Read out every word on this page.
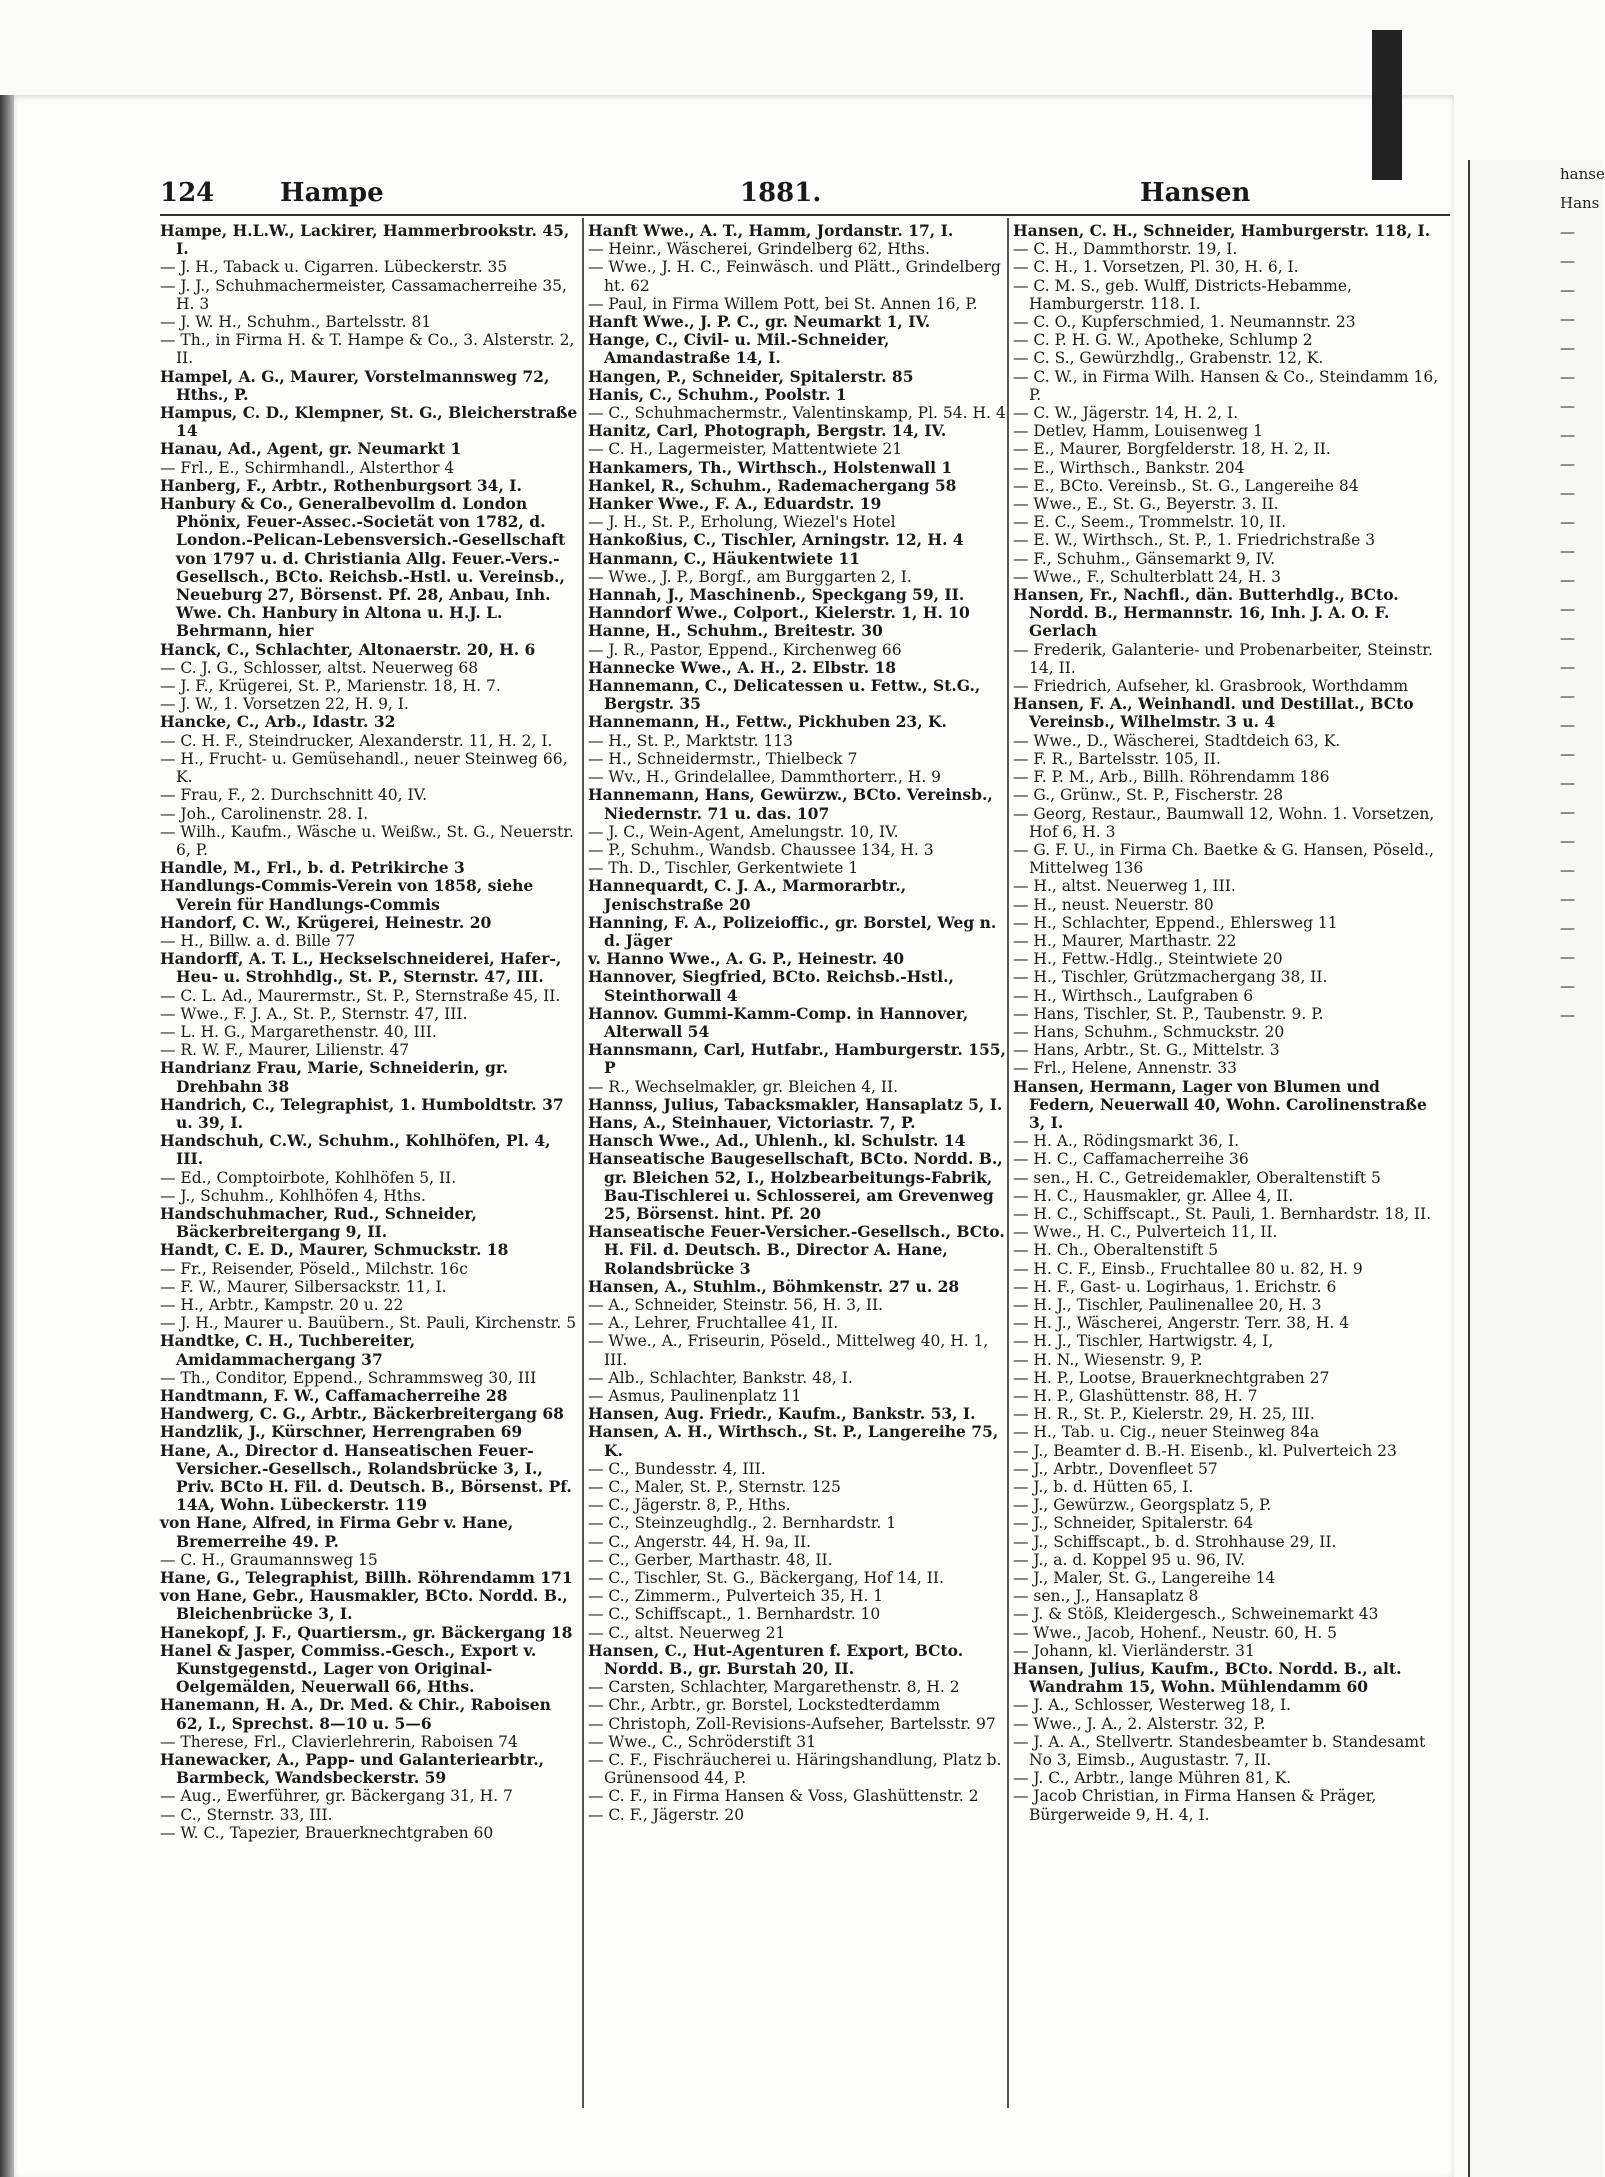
hanse
Hans
—
—
—
—
—
—
—
—
—
—
—
—
—
—
—
—
—
—
—
—
—
—
—
—
—
—
—
—
124	Hampe	1881.	Hansen

Hampe, H.L.W., Lackirer, Hammerbrookstr. 45, I.

— J. H., Taback u. Cigarren. Lübeckerstr. 35

— J. J., Schuhmachermeister, Cassamacherreihe 35, H. 3

— J. W. H., Schuhm., Bartelsstr. 81

— Th., in Firma H. & T. Hampe & Co., 3. Alsterstr. 2, II.

Hampel, A. G., Maurer, Vorstelmannsweg 72, Hths., P.

Hampus, C. D., Klempner, St. G., Bleicherstraße 14

Hanau, Ad., Agent, gr. Neumarkt 1

— Frl., E., Schirmhandl., Alsterthor 4

Hanberg, F., Arbtr., Rothenburgsort 34, I.

Hanbury & Co., Generalbevollm d. London Phönix, Feuer-Assec.-Societät von 1782, d. London.-Pelican-Lebensversich.-Gesellschaft von 1797 u. d. Christiania Allg. Feuer.-Vers.-Gesellsch., BCto. Reichsb.-Hstl. u. Vereinsb., Neueburg 27, Börsenst. Pf. 28, Anbau, Inh. Wwe. Ch. Hanbury in Altona u. H.J. L. Behrmann, hier

Hanck, C., Schlachter, Altonaerstr. 20, H. 6

— C. J. G., Schlosser, altst. Neuerweg 68

— J. F., Krügerei, St. P., Marienstr. 18, H. 7.

— J. W., 1. Vorsetzen 22, H. 9, I.

Hancke, C., Arb., Idastr. 32

— C. H. F., Steindrucker, Alexanderstr. 11, H. 2, I.

— H., Frucht- u. Gemüsehandl., neuer Steinweg 66, K.

— Frau, F., 2. Durchschnitt 40, IV.

— Joh., Carolinenstr. 28. I.

— Wilh., Kaufm., Wäsche u. Weißw., St. G., Neuerstr. 6, P.

Handle, M., Frl., b. d. Petrikirche 3

Handlungs-Commis-Verein von 1858, siehe Verein für Handlungs-Commis

Handorf, C. W., Krügerei, Heinestr. 20

— H., Billw. a. d. Bille 77

Handorff, A. T. L., Heckselschneiderei, Hafer-, Heu- u. Strohhdlg., St. P., Sternstr. 47, III.

— C. L. Ad., Maurermstr., St. P., Sternstraße 45, II.

— Wwe., F. J. A., St. P., Sternstr. 47, III.

— L. H. G., Margarethenstr. 40, III.

— R. W. F., Maurer, Lilienstr. 47

Handrianz Frau, Marie, Schneiderin, gr. Drehbahn 38

Handrich, C., Telegraphist, 1. Humboldtstr. 37 u. 39, I.

Handschuh, C.W., Schuhm., Kohlhöfen, Pl. 4, III.

— Ed., Comptoirbote, Kohlhöfen 5, II.

— J., Schuhm., Kohlhöfen 4, Hths.

Handschuhmacher, Rud., Schneider, Bäckerbreitergang 9, II.

Handt, C. E. D., Maurer, Schmuckstr. 18

— Fr., Reisender, Pöseld., Milchstr. 16c

— F. W., Maurer, Silbersackstr. 11, I.

— H., Arbtr., Kampstr. 20 u. 22

— J. H., Maurer u. Bauübern., St. Pauli, Kirchenstr. 5

Handtke, C. H., Tuchbereiter, Amidammachergang 37

— Th., Conditor, Eppend., Schrammsweg 30, III

Handtmann, F. W., Caffamacherreihe 28

Handwerg, C. G., Arbtr., Bäckerbreitergang 68

Handzlik, J., Kürschner, Herrengraben 69

Hane, A., Director d. Hanseatischen Feuer-Versicher.-Gesellsch., Rolandsbrücke 3, I., Priv. BCto H. Fil. d. Deutsch. B., Börsenst. Pf. 14A, Wohn. Lübeckerstr. 119

von Hane, Alfred, in Firma Gebr v. Hane, Bremerreihe 49. P.

— C. H., Graumannsweg 15

Hane, G., Telegraphist, Billh. Röhrendamm 171

von Hane, Gebr., Hausmakler, BCto. Nordd. B., Bleichenbrücke 3, I.

Hanekopf, J. F., Quartiersm., gr. Bäckergang 18

Hanel & Jasper, Commiss.-Gesch., Export v. Kunstgegenstd., Lager von Original-Oelgemälden, Neuerwall 66, Hths.

Hanemann, H. A., Dr. Med. & Chir., Raboisen 62, I., Sprechst. 8—10 u. 5—6

— Therese, Frl., Clavierlehrerin, Raboisen 74

Hanewacker, A., Papp- und Galanteriearbtr., Barmbeck, Wandsbeckerstr. 59

— Aug., Ewerführer, gr. Bäckergang 31, H. 7

— C., Sternstr. 33, III.

— W. C., Tapezier, Brauerknechtgraben 60

Hanft Wwe., A. T., Hamm, Jordanstr. 17, I.

— Heinr., Wäscherei, Grindelberg 62, Hths.

— Wwe., J. H. C., Feinwäsch. und Plätt., Grindelberg ht. 62

— Paul, in Firma Willem Pott, bei St. Annen 16, P.

Hanft Wwe., J. P. C., gr. Neumarkt 1, IV.

Hange, C., Civil- u. Mil.-Schneider, Amandastraße 14, I.

Hangen, P., Schneider, Spitalerstr. 85

Hanis, C., Schuhm., Poolstr. 1

— C., Schuhmachermstr., Valentinskamp, Pl. 54. H. 4

Hanitz, Carl, Photograph, Bergstr. 14, IV.

— C. H., Lagermeister, Mattentwiete 21

Hankamers, Th., Wirthsch., Holstenwall 1

Hankel, R., Schuhm., Rademachergang 58

Hanker Wwe., F. A., Eduardstr. 19

— J. H., St. P., Erholung, Wiezel's Hotel

Hankoßius, C., Tischler, Arningstr. 12, H. 4

Hanmann, C., Häukentwiete 11

— Wwe., J. P., Borgf., am Burggarten 2, I.

Hannah, J., Maschinenb., Speckgang 59, II.

Hanndorf Wwe., Colport., Kielerstr. 1, H. 10

Hanne, H., Schuhm., Breitestr. 30

— J. R., Pastor, Eppend., Kirchenweg 66

Hannecke Wwe., A. H., 2. Elbstr. 18

Hannemann, C., Delicatessen u. Fettw., St.G., Bergstr. 35

Hannemann, H., Fettw., Pickhuben 23, K.

— H., St. P., Marktstr. 113

— H., Schneidermstr., Thielbeck 7

— Wv., H., Grindelallee, Dammthorterr., H. 9

Hannemann, Hans, Gewürzw., BCto. Vereinsb., Niedernstr. 71 u. das. 107

— J. C., Wein-Agent, Amelungstr. 10, IV.

— P., Schuhm., Wandsb. Chaussee 134, H. 3

— Th. D., Tischler, Gerkentwiete 1

Hannequardt, C. J. A., Marmorarbtr., Jenischstraße 20

Hanning, F. A., Polizeioffic., gr. Borstel, Weg n. d. Jäger

v. Hanno Wwe., A. G. P., Heinestr. 40

Hannover, Siegfried, BCto. Reichsb.-Hstl., Steinthorwall 4

Hannov. Gummi-Kamm-Comp. in Hannover, Alterwall 54

Hannsmann, Carl, Hutfabr., Hamburgerstr. 155, P

— R., Wechselmakler, gr. Bleichen 4, II.

Hannss, Julius, Tabacksmakler, Hansaplatz 5, I.

Hans, A., Steinhauer, Victoriastr. 7, P.

Hansch Wwe., Ad., Uhlenh., kl. Schulstr. 14

Hanseatische Baugesellschaft, BCto. Nordd. B., gr. Bleichen 52, I., Holzbearbeitungs-Fabrik, Bau-Tischlerei u. Schlosserei, am Grevenweg 25, Börsenst. hint. Pf. 20

Hanseatische Feuer-Versicher.-Gesellsch., BCto. H. Fil. d. Deutsch. B., Director A. Hane, Rolandsbrücke 3

Hansen, A., Stuhlm., Böhmkenstr. 27 u. 28

— A., Schneider, Steinstr. 56, H. 3, II.

— A., Lehrer, Fruchtallee 41, II.

— Wwe., A., Friseurin, Pöseld., Mittelweg 40, H. 1, III.

— Alb., Schlachter, Bankstr. 48, I.

— Asmus, Paulinenplatz 11

Hansen, Aug. Friedr., Kaufm., Bankstr. 53, I.

Hansen, A. H., Wirthsch., St. P., Langereihe 75, K.

— C., Bundesstr. 4, III.

— C., Maler, St. P., Sternstr. 125

— C., Jägerstr. 8, P., Hths.

— C., Steinzeughdlg., 2. Bernhardstr. 1

— C., Angerstr. 44, H. 9a, II.

— C., Gerber, Marthastr. 48, II.

— C., Tischler, St. G., Bäckergang, Hof 14, II.

— C., Zimmerm., Pulverteich 35, H. 1

— C., Schiffscapt., 1. Bernhardstr. 10

— C., altst. Neuerweg 21

Hansen, C., Hut-Agenturen f. Export, BCto. Nordd. B., gr. Burstah 20, II.

— Carsten, Schlachter, Margarethenstr. 8, H. 2

— Chr., Arbtr., gr. Borstel, Lockstedterdamm

— Christoph, Zoll-Revisions-Aufseher, Bartelsstr. 97

— Wwe., C., Schröderstift 31

— C. F., Fischräucherei u. Häringshandlung, Platz b. Grünensood 44, P.

— C. F., in Firma Hansen & Voss, Glashüttenstr. 2

— C. F., Jägerstr. 20

Hansen, C. H., Schneider, Hamburgerstr. 118, I.

— C. H., Dammthorstr. 19, I.

— C. H., 1. Vorsetzen, Pl. 30, H. 6, I.

— C. M. S., geb. Wulff, Districts-Hebamme, Hamburgerstr. 118. I.

— C. O., Kupferschmied, 1. Neumannstr. 23

— C. P. H. G. W., Apotheke, Schlump 2

— C. S., Gewürzhdlg., Grabenstr. 12, K.

— C. W., in Firma Wilh. Hansen & Co., Steindamm 16, P.

— C. W., Jägerstr. 14, H. 2, I.

— Detlev, Hamm, Louisenweg 1

— E., Maurer, Borgfelderstr. 18, H. 2, II.

— E., Wirthsch., Bankstr. 204

— E., BCto. Vereinsb., St. G., Langereihe 84

— Wwe., E., St. G., Beyerstr. 3. II.

— E. C., Seem., Trommelstr. 10, II.

— E. W., Wirthsch., St. P., 1. Friedrichstraße 3

— F., Schuhm., Gänsemarkt 9, IV.

— Wwe., F., Schulterblatt 24, H. 3

Hansen, Fr., Nachfl., dän. Butterhdlg., BCto. Nordd. B., Hermannstr. 16, Inh. J. A. O. F. Gerlach

— Frederik, Galanterie- und Probenarbeiter, Steinstr. 14, II.

— Friedrich, Aufseher, kl. Grasbrook, Worthdamm

Hansen, F. A., Weinhandl. und Destillat., BCto Vereinsb., Wilhelmstr. 3 u. 4

— Wwe., D., Wäscherei, Stadtdeich 63, K.

— F. R., Bartelsstr. 105, II.

— F. P. M., Arb., Billh. Röhrendamm 186

— G., Grünw., St. P., Fischerstr. 28

— Georg, Restaur., Baumwall 12, Wohn. 1. Vorsetzen, Hof 6, H. 3

— G. F. U., in Firma Ch. Baetke & G. Hansen, Pöseld., Mittelweg 136

— H., altst. Neuerweg 1, III.

— H., neust. Neuerstr. 80

— H., Schlachter, Eppend., Ehlersweg 11

— H., Maurer, Marthastr. 22

— H., Fettw.-Hdlg., Steintwiete 20

— H., Tischler, Grützmachergang 38, II.

— H., Wirthsch., Laufgraben 6

— Hans, Tischler, St. P., Taubenstr. 9. P.

— Hans, Schuhm., Schmuckstr. 20

— Hans, Arbtr., St. G., Mittelstr. 3

— Frl., Helene, Annenstr. 33

Hansen, Hermann, Lager von Blumen und Federn, Neuerwall 40, Wohn. Carolinenstraße 3, I.

— H. A., Rödingsmarkt 36, I.

— H. C., Caffamacherreihe 36

— sen., H. C., Getreidemakler, Oberaltenstift 5

— H. C., Hausmakler, gr. Allee 4, II.

— H. C., Schiffscapt., St. Pauli, 1. Bernhardstr. 18, II.

— Wwe., H. C., Pulverteich 11, II.

— H. Ch., Oberaltenstift 5

— H. C. F., Einsb., Fruchtallee 80 u. 82, H. 9

— H. F., Gast- u. Logirhaus, 1. Erichstr. 6

— H. J., Tischler, Paulinenallee 20, H. 3

— H. J., Wäscherei, Angerstr. Terr. 38, H. 4

— H. J., Tischler, Hartwigstr. 4, I,

— H. N., Wiesenstr. 9, P.

— H. P., Lootse, Brauerknechtgraben 27

— H. P., Glashüttenstr. 88, H. 7

— H. R., St. P., Kielerstr. 29, H. 25, III.

— H., Tab. u. Cig., neuer Steinweg 84a

— J., Beamter d. B.-H. Eisenb., kl. Pulverteich 23

— J., Arbtr., Dovenfleet 57

— J., b. d. Hütten 65, I.

— J., Gewürzw., Georgsplatz 5, P.

— J., Schneider, Spitalerstr. 64

— J., Schiffscapt., b. d. Strohhause 29, II.

— J., a. d. Koppel 95 u. 96, IV.

— J., Maler, St. G., Langereihe 14

— sen., J., Hansaplatz 8

— J. & Stöß, Kleidergesch., Schweinemarkt 43

— Wwe., Jacob, Hohenf., Neustr. 60, H. 5

— Johann, kl. Vierländerstr. 31

Hansen, Julius, Kaufm., BCto. Nordd. B., alt. Wandrahm 15, Wohn. Mühlendamm 60

— J. A., Schlosser, Westerweg 18, I.

— Wwe., J. A., 2. Alsterstr. 32, P.

— J. A. A., Stellvertr. Standesbeamter b. Standesamt No 3, Eimsb., Augustastr. 7, II.

— J. C., Arbtr., lange Mühren 81, K.

— Jacob Christian, in Firma Hansen & Präger, Bürgerweide 9, H. 4, I.
